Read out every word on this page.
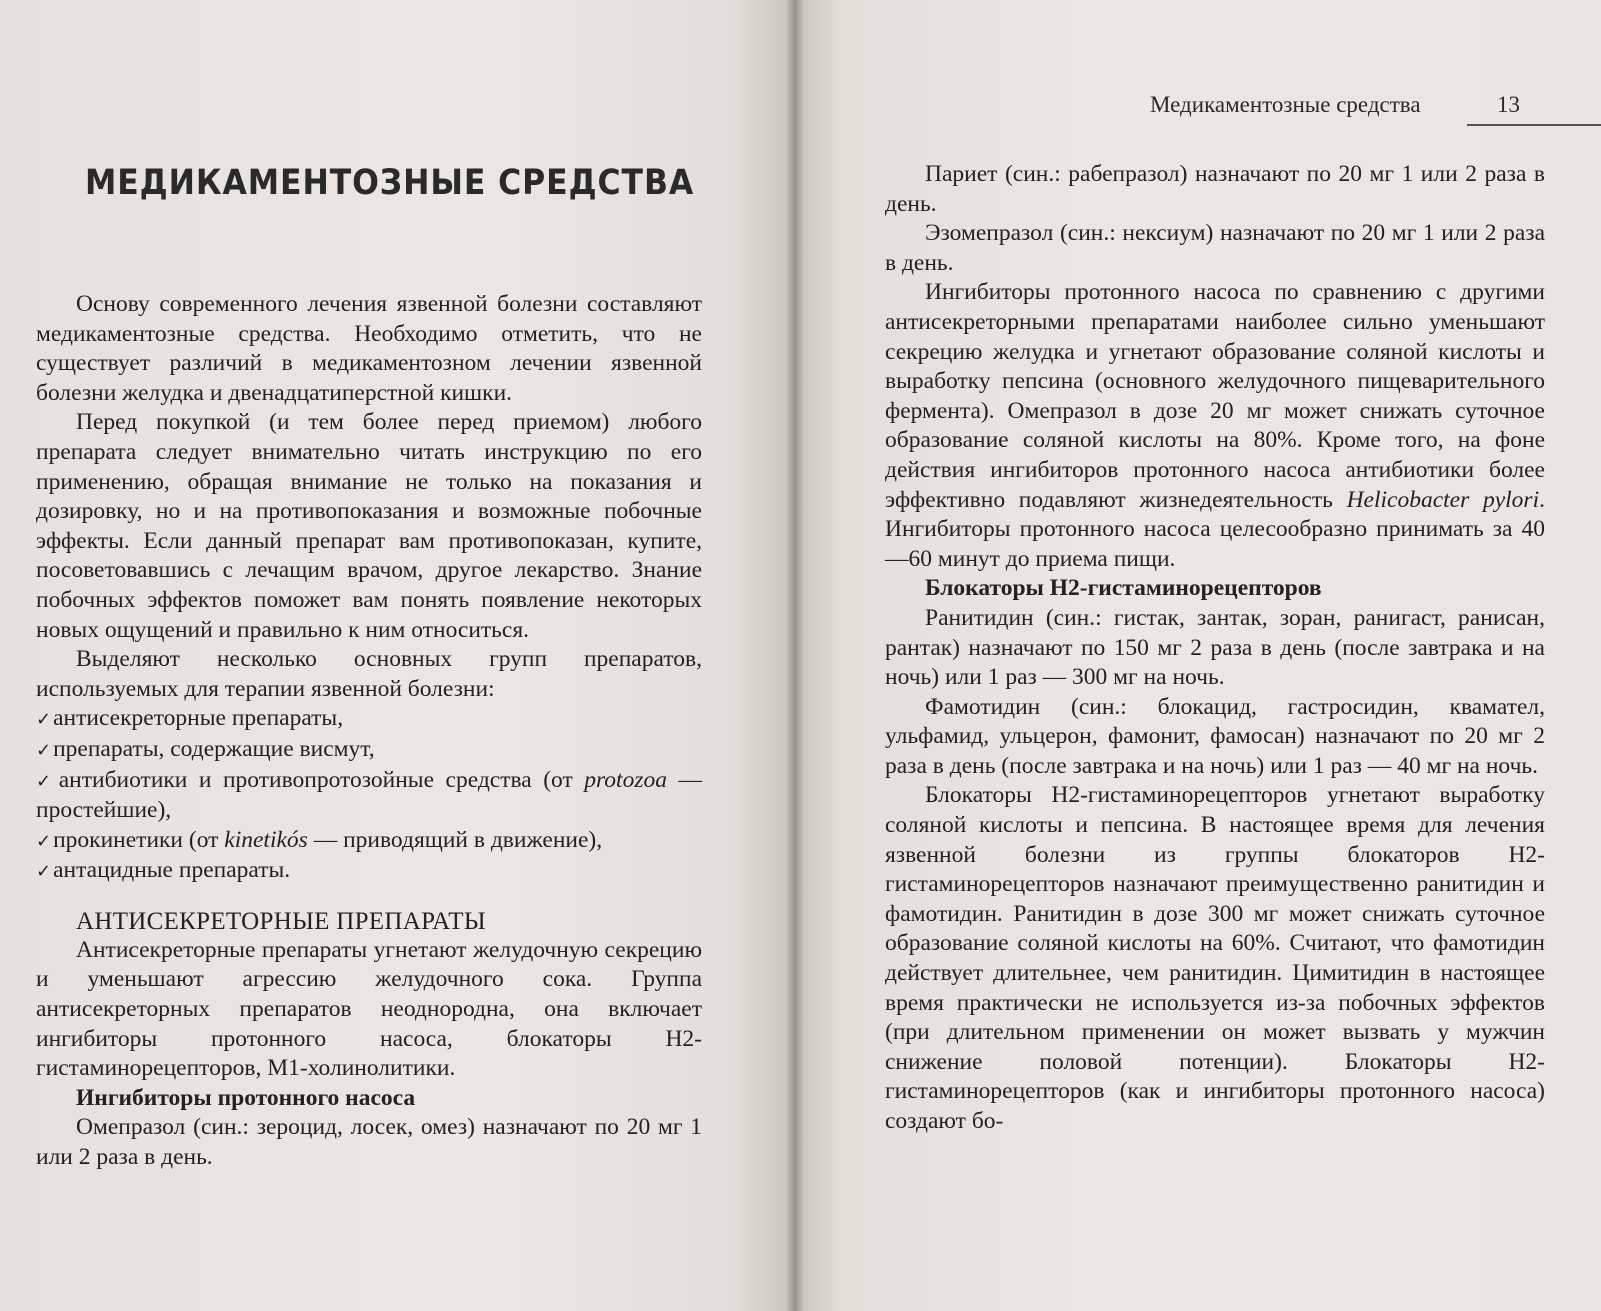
МЕДИКАМЕНТОЗНЫЕ СРЕДСТВА

Основу современного лечения язвенной болезни составляют медикаментозные средства. Необходимо отметить, что не существует различий в медикаментозном лечении язвенной болезни желудка и двенадцатиперстной кишки.

Перед покупкой (и тем более перед приемом) любого препарата следует внимательно читать инструкцию по его применению, обращая внимание не только на показания и дозировку, но и на противопоказания и возможные побочные эффекты. Если данный препарат вам противопоказан, купите, посоветовавшись с лечащим врачом, другое лекарство. Знание побочных эффектов поможет вам понять появление некоторых новых ощущений и правильно к ним относиться.

Выделяют несколько основных групп препаратов, используемых для терапии язвенной болезни:

✓антисекреторные препараты,
✓препараты, содержащие висмут,
✓антибиотики и противопротозойные средства (от protozoa — простейшие),
✓прокинетики (от kinetikós — приводящий в движение),
✓антацидные препараты.
АНТИСЕКРЕТОРНЫЕ ПРЕПАРАТЫ

Антисекреторные препараты угнетают желудочную секрецию и уменьшают агрессию желудочного сока. Группа антисекреторных препаратов неоднородна, она включает ингибиторы протонного насоса, блокаторы Н2-гистаминорецепторов, М1-холинолитики.

Ингибиторы протонного насоса

Омепразол (син.: зероцид, лосек, омез) назначают по 20 мг 1 или 2 раза в день.

Медикаментозные средства	13

Париет (син.: рабепразол) назначают по 20 мг 1 или 2 раза в день.

Эзомепразол (син.: нексиум) назначают по 20 мг 1 или 2 раза в день.

Ингибиторы протонного насоса по сравнению с другими антисекреторными препаратами наиболее сильно уменьшают секрецию желудка и угнетают образование соляной кислоты и выработку пепсина (основного желудочного пищеварительного фермента). Омепразол в дозе 20 мг может снижать суточное образование соляной кислоты на 80%. Кроме того, на фоне действия ингибиторов протонного насоса антибиотики более эффективно подавляют жизнедеятельность Helicobacter pylori. Ингибиторы протонного насоса целесообразно принимать за 40—60 минут до приема пищи.

Блокаторы Н2-гистаминорецепторов

Ранитидин (син.: гистак, зантак, зоран, ранигаст, ранисан, рантак) назначают по 150 мг 2 раза в день (после завтрака и на ночь) или 1 раз — 300 мг на ночь.

Фамотидин (син.: блокацид, гастросидин, квамател, ульфамид, ульцерон, фамонит, фамосан) назначают по 20 мг 2 раза в день (после завтрака и на ночь) или 1 раз — 40 мг на ночь.

Блокаторы Н2-гистаминорецепторов угнетают выработку соляной кислоты и пепсина. В настоящее время для лечения язвенной болезни из группы блокаторов Н2-гистаминорецепторов назначают преимущественно ранитидин и фамотидин. Ранитидин в дозе 300 мг может снижать суточное образование соляной кислоты на 60%. Считают, что фамотидин действует длительнее, чем ранитидин. Цимитидин в настоящее время практически не используется из-за побочных эффектов (при длительном применении он может вызвать у мужчин снижение половой потенции). Блокаторы Н2-гистаминорецепторов (как и ингибиторы протонного насоса) создают бо-
